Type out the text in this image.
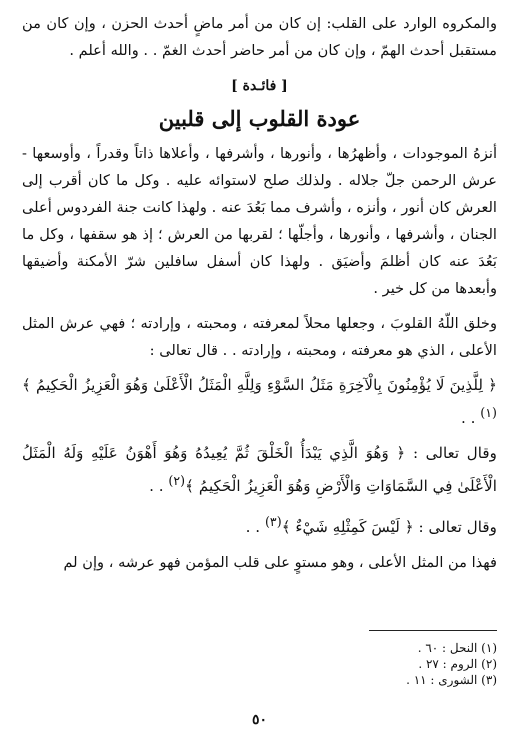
والمكروه الوارد على القلب: إن كان من أمر ماضٍ أحدث الحزن ، وإن كان من مستقبل أحدث الهمّ ، وإن كان من أمر حاضر أحدث الغمّ . . والله أعلم .

[ فائـدة ]
عودة القلوب إلى قلبين

أنزهُ الموجودات ، وأظهرُها ، وأنورها ، وأشرفها ، وأعلاها ذاتاً وقدراً ، وأوسعها - عرش الرحمن جلّ جلاله . ولذلك صلح لاستوائه عليه . وكل ما كان أقرب إلى العرش كان أنور ، وأنزه ، وأشرف مما بَعُدَ عنه . ولهذا كانت جنة الفردوس أعلى الجنان ، وأشرفها ، وأنورها ، وأجلّها ؛ لقربها من العرش ؛ إذ هو سقفها ، وكل ما بَعُدَ عنه كان أظلمَ وأضيَق . ولهذا كان أسفل سافلين شرّ الأمكنة وأضيقها وأبعدها من كل خير .

وخلق اللّهُ القلوبَ ، وجعلها محلاً لمعرفته ، ومحبته ، وإرادته ؛ فهي عرش المثل الأعلى ، الذي هو معرفته ، ومحبته ، وإرادته . . قال تعالى :

﴿ لِلَّذِينَ لَا يُؤْمِنُونَ بِالْآخِرَةِ مَثَلُ السَّوْءِ وَلِلَّهِ الْمَثَلُ الْأَعْلَىٰ وَهُوَ الْعَزِيزُ الْحَكِيمُ ﴾$^{(١)}$ . .

وقال تعالى : ﴿ وَهُوَ الَّذِي يَبْدَأُ الْخَلْقَ ثُمَّ يُعِيدُهُ وَهُوَ أَهْوَنُ عَلَيْهِ وَلَهُ الْمَثَلُ الْأَعْلَىٰ فِي السَّمَاوَاتِ وَالْأَرْضِ وَهُوَ الْعَزِيزُ الْحَكِيمُ ﴾$^{(٢)}$ . .

وقال تعالى : ﴿ لَيْسَ كَمِثْلِهِ شَيْءٌ ﴾$^{(٣)}$ . .

فهذا من المثل الأعلى ، وهو مستوٍ على قلب المؤمن فهو عرشه ، وإن لم

(١) النحل : ٦٠ .
(٢) الروم : ٢٧ .
(٣) الشورى : ١١ .
٥٠
